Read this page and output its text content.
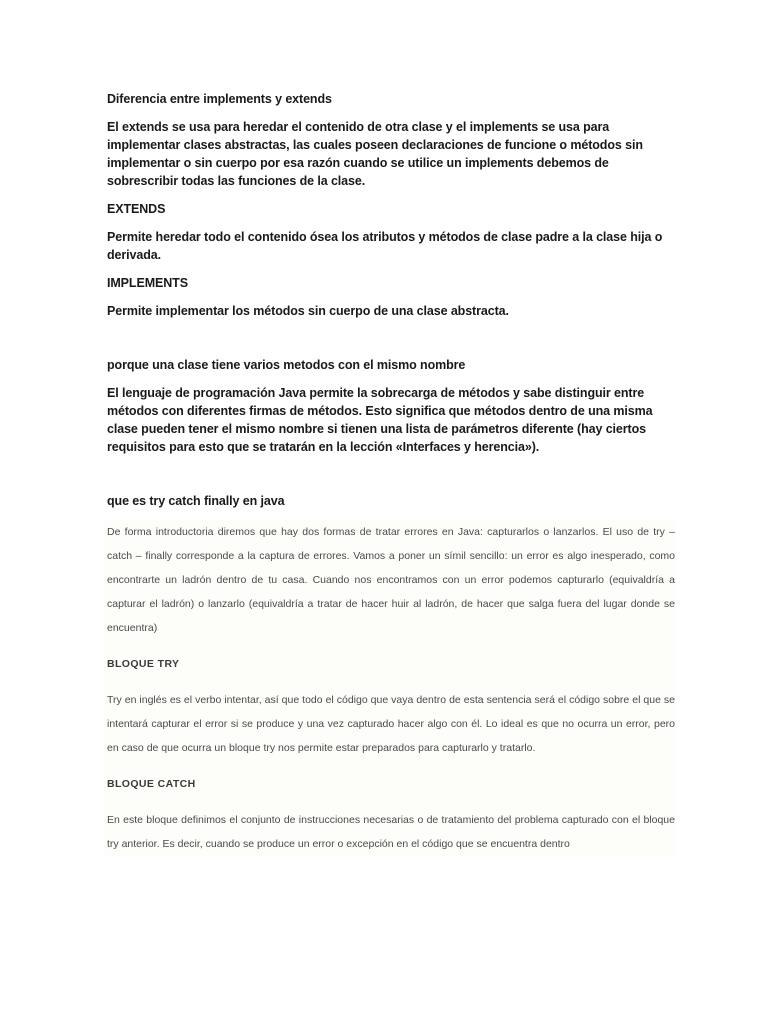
Diferencia entre implements y extends

El extends se usa para heredar el contenido de otra clase y el implements se usa para implementar clases abstractas, las cuales poseen declaraciones de funcione o métodos sin implementar o sin cuerpo por esa razón cuando se utilice un implements debemos de sobrescribir todas las funciones de la clase.

EXTENDS

Permite heredar todo el contenido ósea los atributos y métodos de clase padre a la clase hija o derivada.

IMPLEMENTS

Permite implementar los métodos sin cuerpo de una clase abstracta.

porque una clase tiene varios metodos con el mismo nombre

El lenguaje de programación Java permite la sobrecarga de métodos y sabe distinguir entre métodos con diferentes firmas de métodos. Esto significa que métodos dentro de una misma clase pueden tener el mismo nombre si tienen una lista de parámetros diferente (hay ciertos requisitos para esto que se tratarán en la lección «Interfaces y herencia»).

que es try catch finally en java

De forma introductoria diremos que hay dos formas de tratar errores en Java: capturarlos o lanzarlos. El uso de try – catch – finally corresponde a la captura de errores. Vamos a poner un símil sencillo: un error es algo inesperado, como encontrarte un ladrón dentro de tu casa. Cuando nos encontramos con un error podemos capturarlo (equivaldría a capturar el ladrón) o lanzarlo (equivaldría a tratar de hacer huir al ladrón, de hacer que salga fuera del lugar donde se encuentra)

BLOQUE TRY

Try en inglés es el verbo intentar, así que todo el código que vaya dentro de esta sentencia será el código sobre el que se intentará capturar el error si se produce y una vez capturado hacer algo con él. Lo ideal es que no ocurra un error, pero en caso de que ocurra un bloque try nos permite estar preparados para capturarlo y tratarlo.

BLOQUE CATCH

En este bloque definimos el conjunto de instrucciones necesarias o de tratamiento del problema capturado con el bloque try anterior. Es decir, cuando se produce un error o excepción en el código que se encuentra dentro
